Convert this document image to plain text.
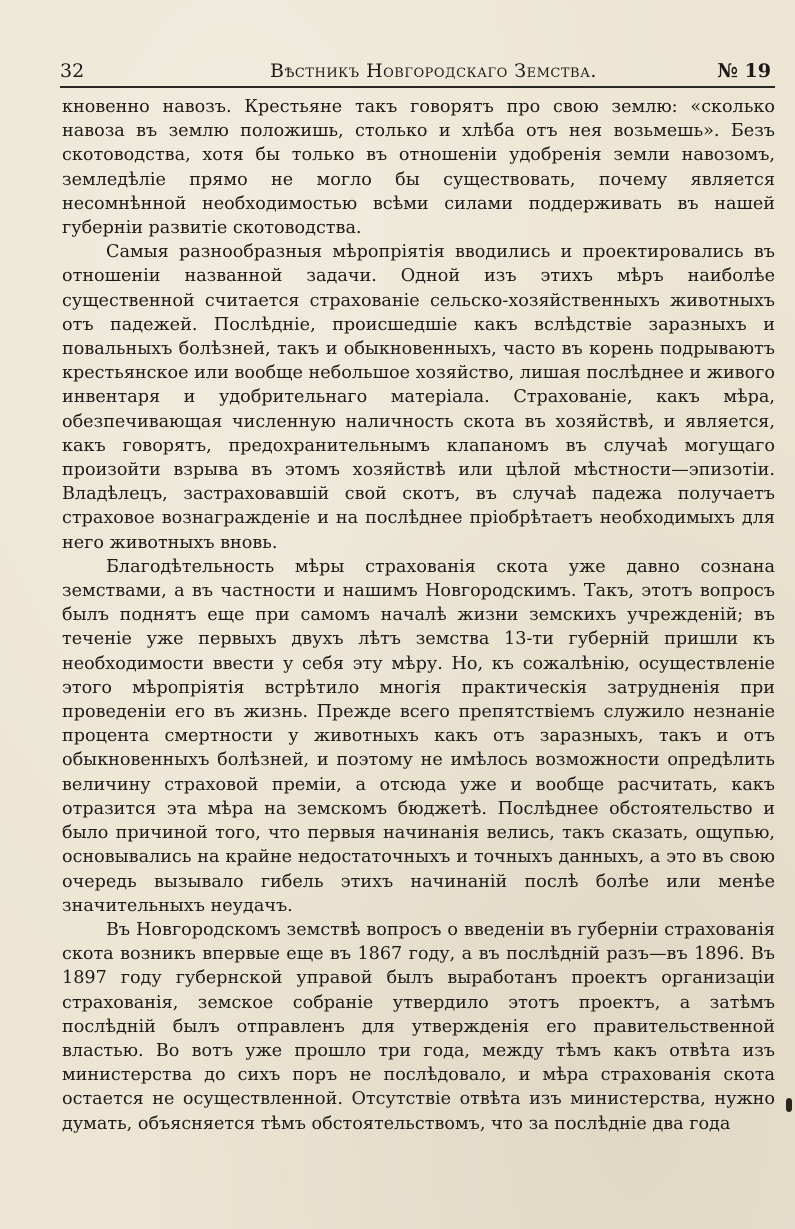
32	Вѣстникъ Новгородскаго Земства.	№ 19

кновенно навозъ. Крестьяне такъ говорятъ про свою землю: «сколько навоза въ землю положишь, столько и хлѣба отъ нея возьмешь». Безъ скотоводства, хотя бы только въ отношеніи удобренія земли навозомъ, земледѣліе прямо не могло бы существовать, почему является несомнѣнной необходимостью всѣми силами поддерживать въ нашей губерніи развитіе скотоводства.

Самыя разнообразныя мѣропріятія вводились и проектировались въ отношеніи названной задачи. Одной изъ этихъ мѣръ наиболѣе существенной считается страхованіе сельско-хозяйственныхъ животныхъ отъ падежей. Послѣдніе, происшедшіе какъ вслѣдствіе заразныхъ и повальныхъ болѣзней, такъ и обыкновенныхъ, часто въ корень подрываютъ крестьянское или вообще небольшое хозяйство, лишая послѣднее и живого инвентаря и удобрительнаго матеріала. Страхованіе, какъ мѣра, обезпечивающая численную наличность скота въ хозяйствѣ, и является, какъ говорятъ, предохранительнымъ клапаномъ въ случаѣ могущаго произойти взрыва въ этомъ хозяйствѣ или цѣлой мѣстности—эпизотіи. Владѣлецъ, застраховавшій свой скотъ, въ случаѣ падежа получаетъ страховое вознагражденіе и на послѣднее пріобрѣтаетъ необходимыхъ для него животныхъ вновь.

Благодѣтельность мѣры страхованія скота уже давно сознана земствами, а въ частности и нашимъ Новгородскимъ. Такъ, этотъ вопросъ былъ поднятъ еще при самомъ началѣ жизни земскихъ учрежденій; въ теченіе уже первыхъ двухъ лѣтъ земства 13-ти губерній пришли къ необходимости ввести у себя эту мѣру. Но, къ сожалѣнію, осуществленіе этого мѣропріятія встрѣтило многія практическія затрудненія при проведеніи его въ жизнь. Прежде всего препятствіемъ служило незнаніе процента смертности у животныхъ какъ отъ заразныхъ, такъ и отъ обыкновенныхъ болѣзней, и поэтому не имѣлось возможности опредѣлить величину страховой преміи, а отсюда уже и вообще расчитать, какъ отразится эта мѣра на земскомъ бюджетѣ. Послѣднее обстоятельство и было причиной того, что первыя начинанія велись, такъ сказать, ощупью, основывались на крайне недостаточныхъ и точныхъ данныхъ, а это въ свою очередь вызывало гибель этихъ начинаній послѣ болѣе или менѣе значительныхъ неудачъ.

Въ Новгородскомъ земствѣ вопросъ о введеніи въ губерніи страхованія скота возникъ впервые еще въ 1867 году, а въ послѣдній разъ—въ 1896. Въ 1897 году губернской управой былъ выработанъ проектъ организаціи страхованія, земское собраніе утвердило этотъ проектъ, а затѣмъ послѣдній былъ отправленъ для утвержденія его правительственной властью. Во вотъ уже прошло три года, между тѣмъ какъ отвѣта изъ министерства до сихъ поръ не послѣдовало, и мѣра страхованія скота остается не осуществленной. Отсутствіе отвѣта изъ министерства, нужно думать, объясняется тѣмъ обстоятельствомъ, что за послѣдніе два года
